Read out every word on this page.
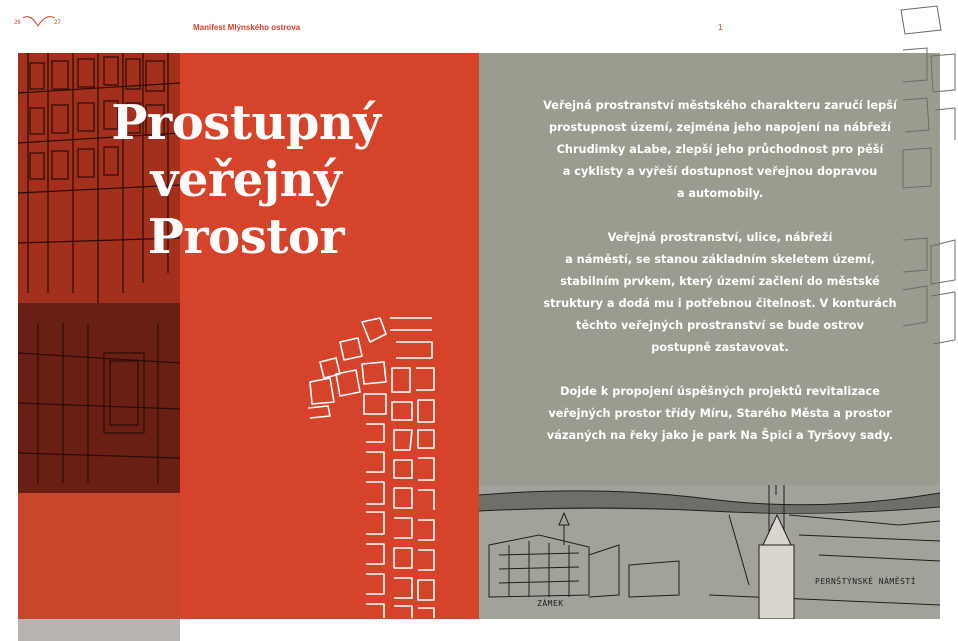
26	27	Manifest Mlýnského ostrova	1
Prostupný
veřejný
Prostor

Veřejná prostranství městského charakteru zaručí lepší
prostupnost území, zejména jeho napojení na nábřeží
Chrudimky aLabe, zlepší jeho průchodnost pro pěší
a cyklisty a vyřeší dostupnost veřejnou dopravou
a automobily.

Veřejná prostranství, ulice, nábřeží
a náměstí, se stanou základním skeletem území,
stabilním prvkem, který území začlení do městské
struktury a dodá mu i potřebnou čitelnost. V konturách
těchto veřejných prostranství se bude ostrov
postupně zastavovat.

Dojde k propojení úspěšných projektů revitalizace
veřejných prostor třídy Míru, Starého Města a prostor
vázaných na řeky jako je park Na Špici a Tyršovy sady.

ZÁMEK
PERNŠTÝNSKÉ NÁMĚSTÍ
